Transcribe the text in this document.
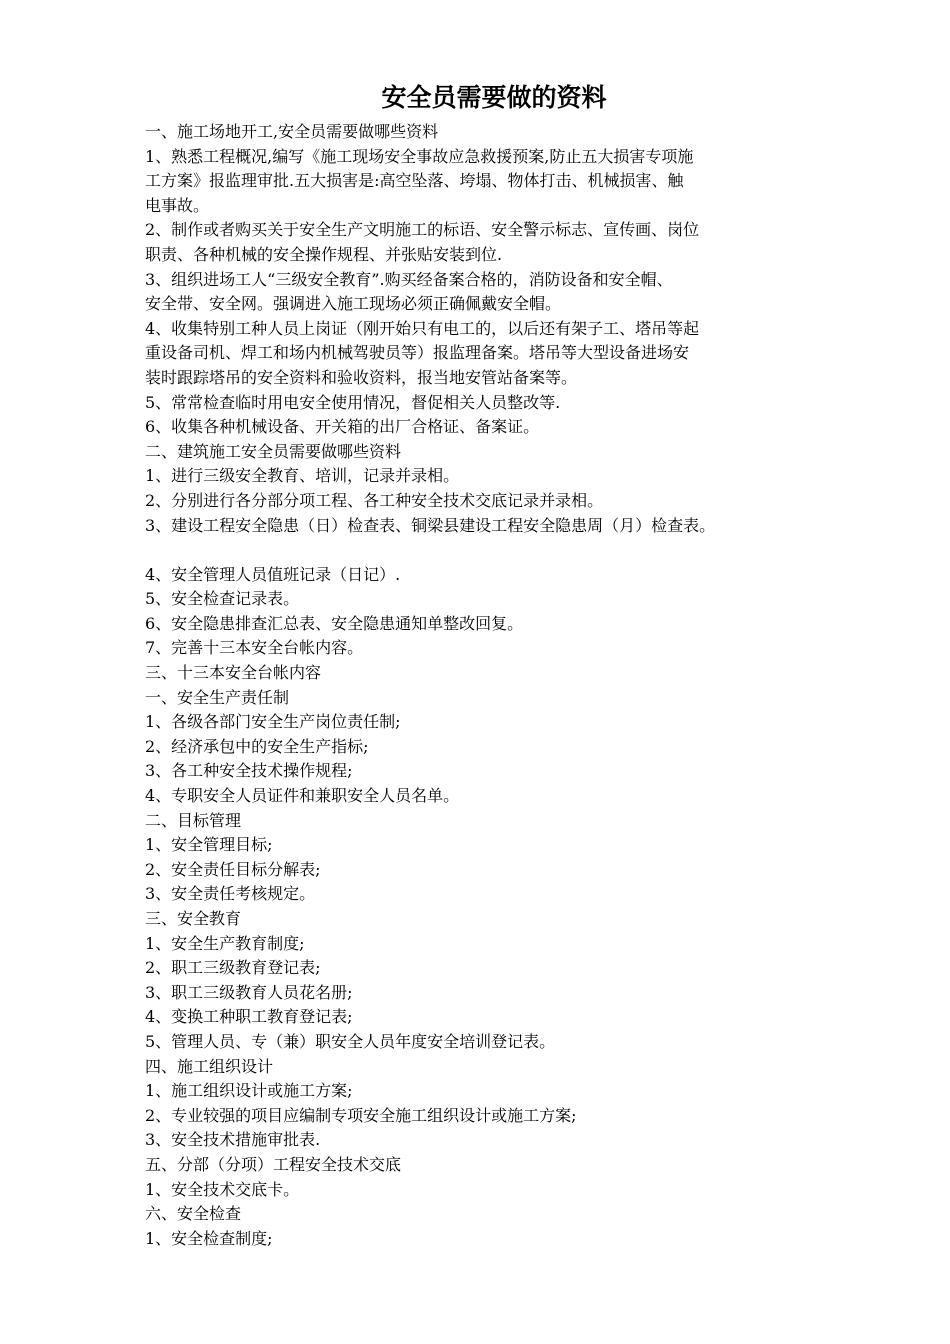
安全员需要做的资料
一、施工场地开工,安全员需要做哪些资料
1、熟悉工程概况,编写《施工现场安全事故应急救援预案,防止五大损害专项施
工方案》报监理审批.五大损害是:高空坠落、垮塌、物体打击、机械损害、触
电事故。
2、制作或者购买关于安全生产文明施工的标语、安全警示标志、宣传画、岗位
职责、各种机械的安全操作规程、并张贴安装到位.
3、组织进场工人“三级安全教育”.购买经备案合格的，消防设备和安全帽、
安全带、安全网。强调进入施工现场必须正确佩戴安全帽。
4、收集特别工种人员上岗证（刚开始只有电工的，以后还有架子工、塔吊等起
重设备司机、焊工和场内机械驾驶员等）报监理备案。塔吊等大型设备进场安
装时跟踪塔吊的安全资料和验收资料，报当地安管站备案等。
5、常常检查临时用电安全使用情况，督促相关人员整改等.
6、收集各种机械设备、开关箱的出厂合格证、备案证。
二、建筑施工安全员需要做哪些资料
1、进行三级安全教育、培训，记录并录相。
2、分别进行各分部分项工程、各工种安全技术交底记录并录相。
3、建设工程安全隐患（日）检查表、铜梁县建设工程安全隐患周（月）检查表。
4、安全管理人员值班记录（日记）.
5、安全检查记录表。
6、安全隐患排查汇总表、安全隐患通知单整改回复。
7、完善十三本安全台帐内容。
三、十三本安全台帐内容
一、安全生产责任制
1、各级各部门安全生产岗位责任制;
2、经济承包中的安全生产指标;
3、各工种安全技术操作规程;
4、专职安全人员证件和兼职安全人员名单。
二、目标管理
1、安全管理目标;
2、安全责任目标分解表;
3、安全责任考核规定。
三、安全教育
1、安全生产教育制度;
2、职工三级教育登记表;
3、职工三级教育人员花名册;
4、变换工种职工教育登记表;
5、管理人员、专（兼）职安全人员年度安全培训登记表。
四、施工组织设计
1、施工组织设计或施工方案;
2、专业较强的项目应编制专项安全施工组织设计或施工方案;
3、安全技术措施审批表.
五、分部（分项）工程安全技术交底
1、安全技术交底卡。
六、安全检查
1、安全检查制度;
